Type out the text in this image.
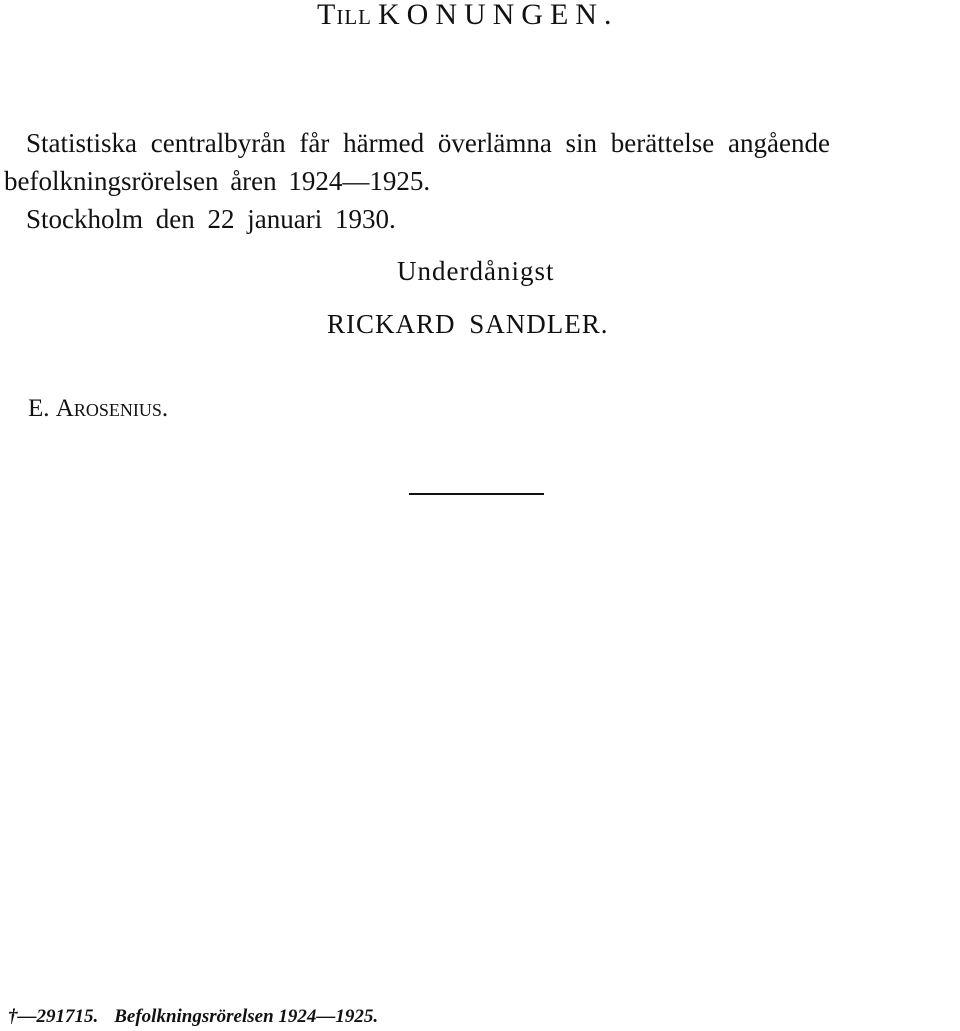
Till KONUNGEN.
Statistiska centralbyrån får härmed överlämna sin berättelse angående
befolkningsrörelsen åren 1924—1925.
Stockholm den 22 januari 1930.
Underdånigst
RICKARD SANDLER.
E. Arosenius.
†—291715. Befolkningsrörelsen 1924—1925.
